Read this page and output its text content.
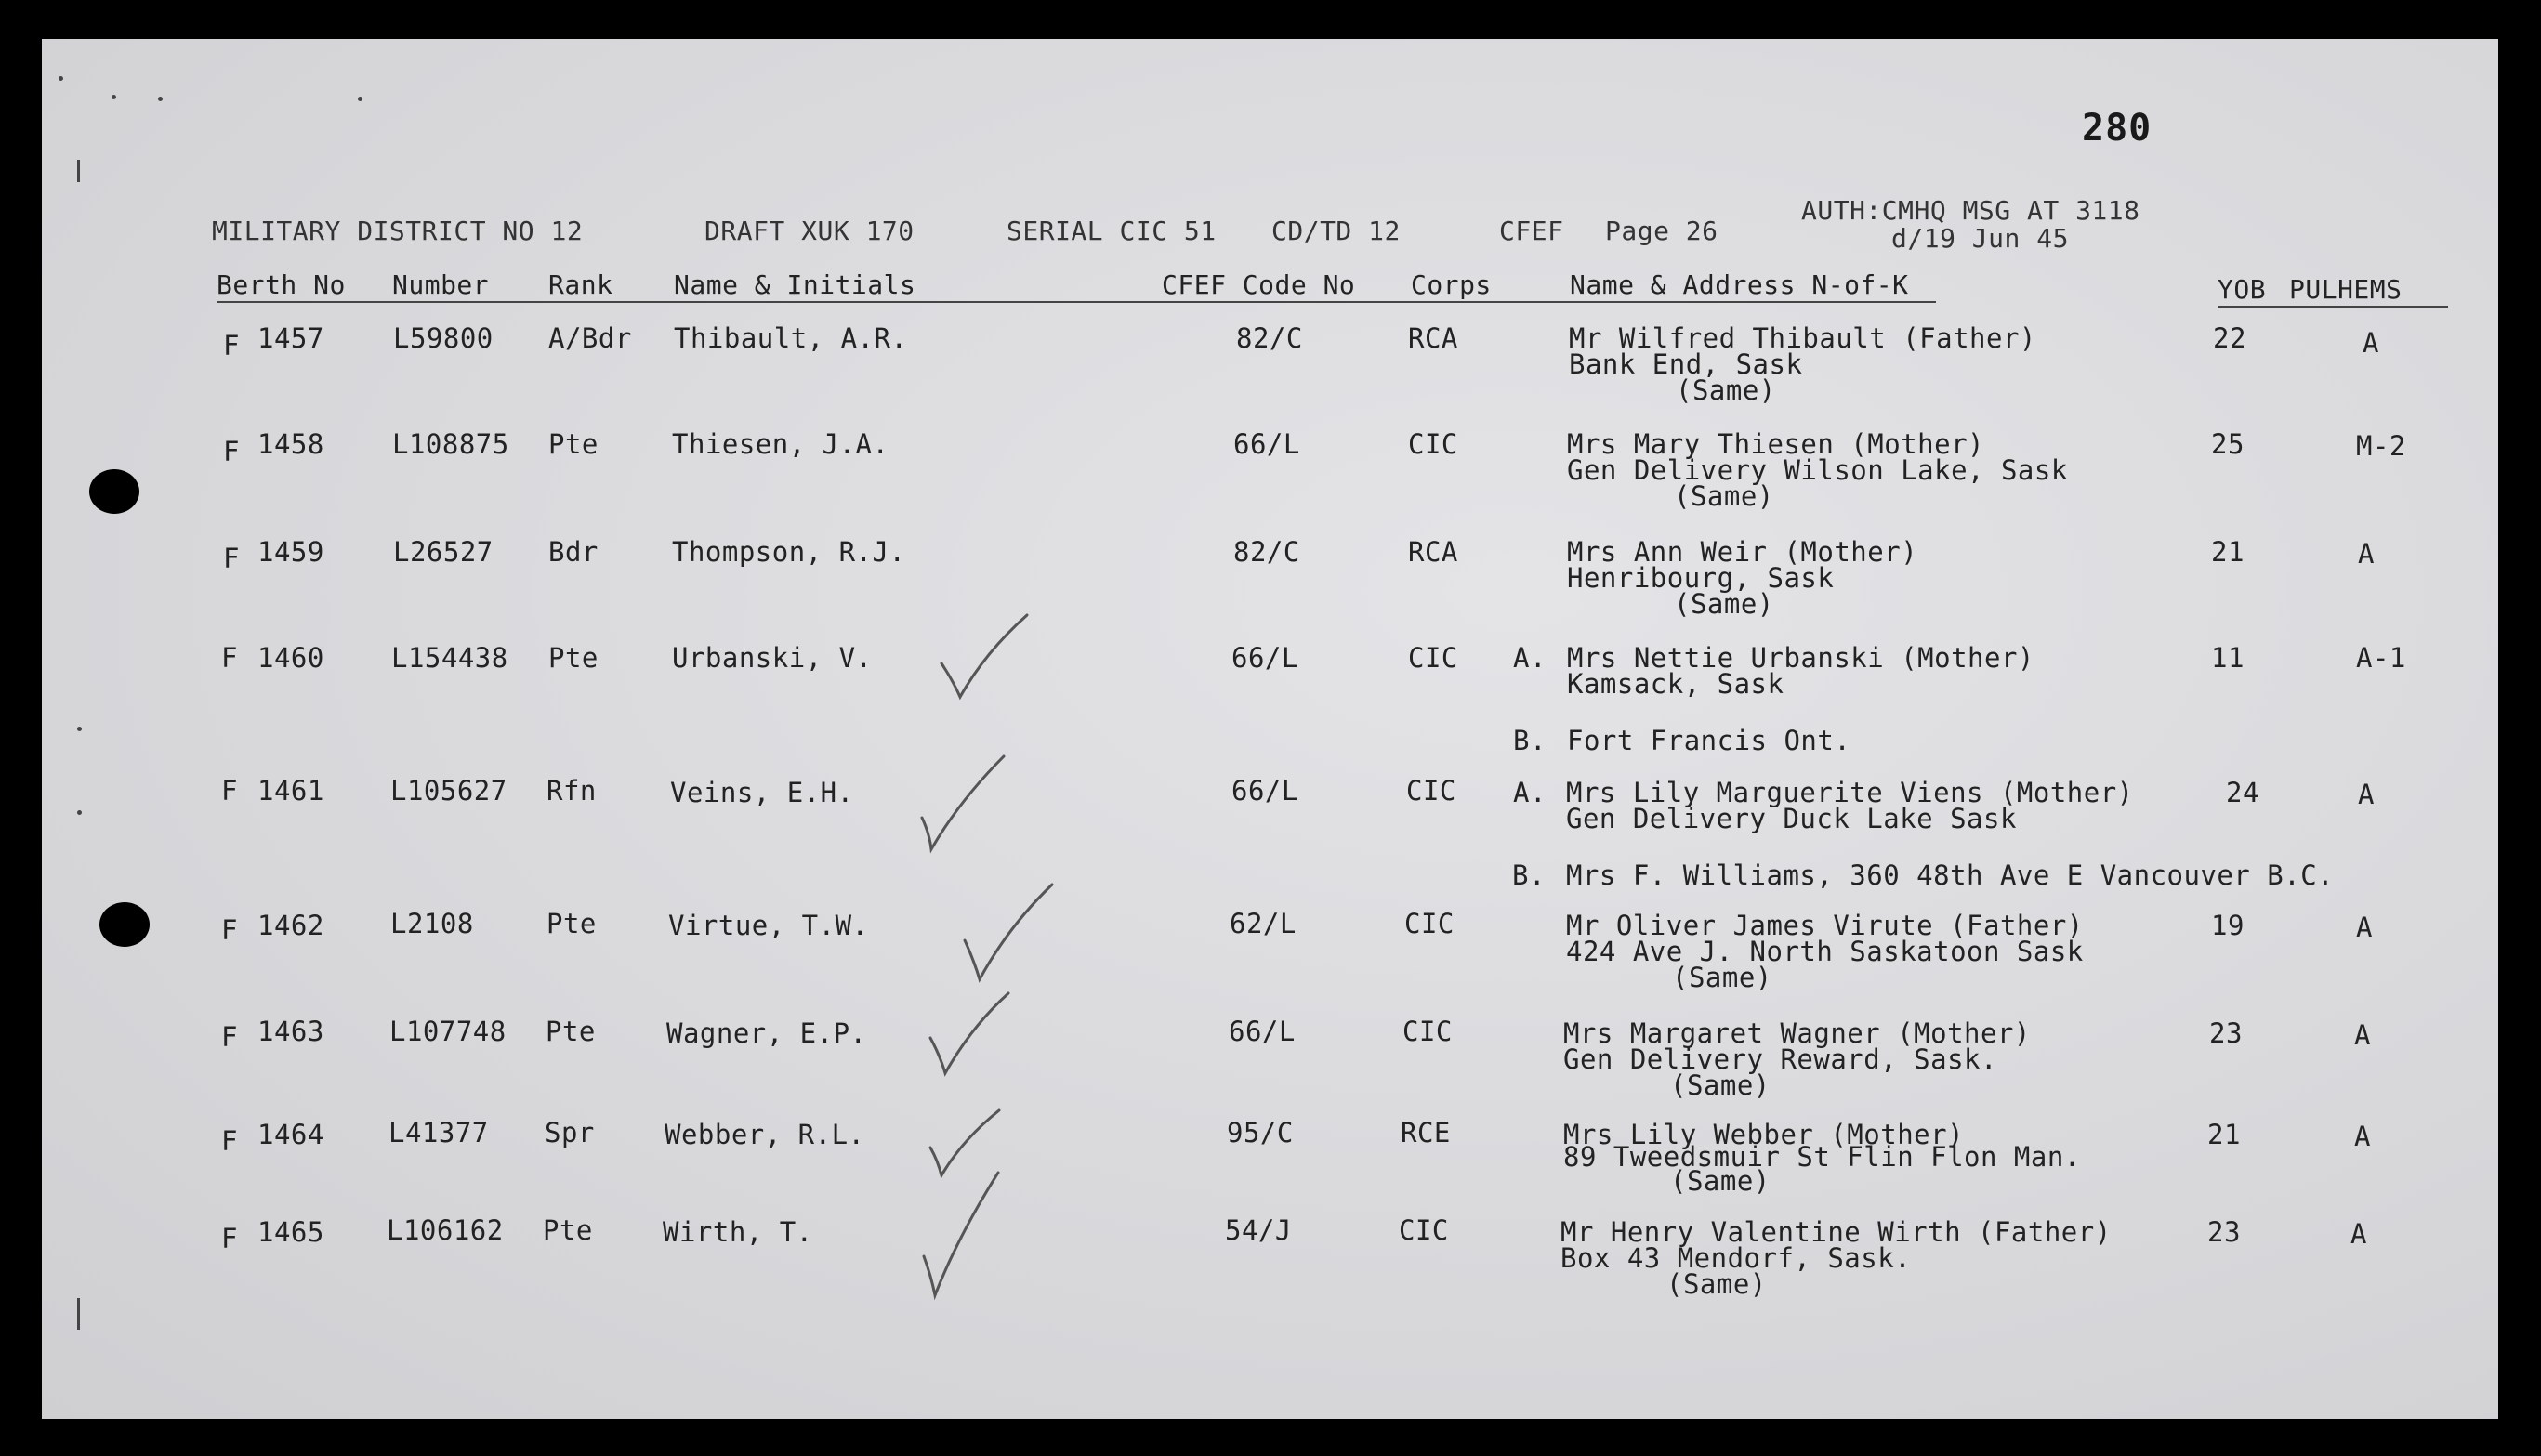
280
MILITARY DISTRICT NO 12	DRAFT XUK 170	SERIAL CIC 51 CD/TD 12	CFEF Page 26
AUTH:CMHQ MSG AT 3118
d/19 Jun 45
Berth No Number Rank Name & Initials	CFEF Code No Corps	Name & Address N-of-K	YOB PULHEMS
F 1457	L59800 A/Bdr Thibault, A.R.	82/C	RCA	Mr Wilfred Thibault (Father)
Bank End, Sask
(Same)
22	A
F 1458	L108875 Pte	Thiesen, J.A.	66/L	CIC	Mrs Mary Thiesen (Mother)
Gen Delivery Wilson Lake, Sask
(Same)
25	M-2
F 1459	L26527 Bdr	Thompson, R.J.	82/C	RCA	Mrs Ann Weir (Mother)
Henribourg, Sask
(Same)
21	A
F 1460 L154438 Pte	Urbanski, V.	66/L	CIC A. Mrs Nettie Urbanski (Mother)
Kamsack, Sask
B. Fort Francis Ont.
11	A-1
F 1461 L105627 Rfn	Veins, E.H.	66/L	CIC A. Mrs Lily Marguerite Viens (Mother)
Gen Delivery Duck Lake Sask
B. Mrs F. Williams, 360 48th Ave E Vancouver B.C.
24	A
F 1462 L2108	Pte	Virtue, T.W.	62/L	CIC	Mr Oliver James Virute (Father)
424 Ave J. North Saskatoon Sask
(Same)
19	A
F 1463 L107748 Pte	Wagner, E.P.	66/L	CIC	Mrs Margaret Wagner (Mother)
Gen Delivery Reward, Sask.
(Same)
23	A
F 1464 L41377 Spr	Webber, R.L.	95/C	RCE	Mrs Lily Webber (Mother)
89 Tweedsmuir St Flin Flon Man.
(Same)
21	A
F 1465 L106162 Pte	Wirth, T.	54/J	CIC	Mr Henry Valentine Wirth (Father)
Box 43 Mendorf, Sask.
(Same)
23	A
